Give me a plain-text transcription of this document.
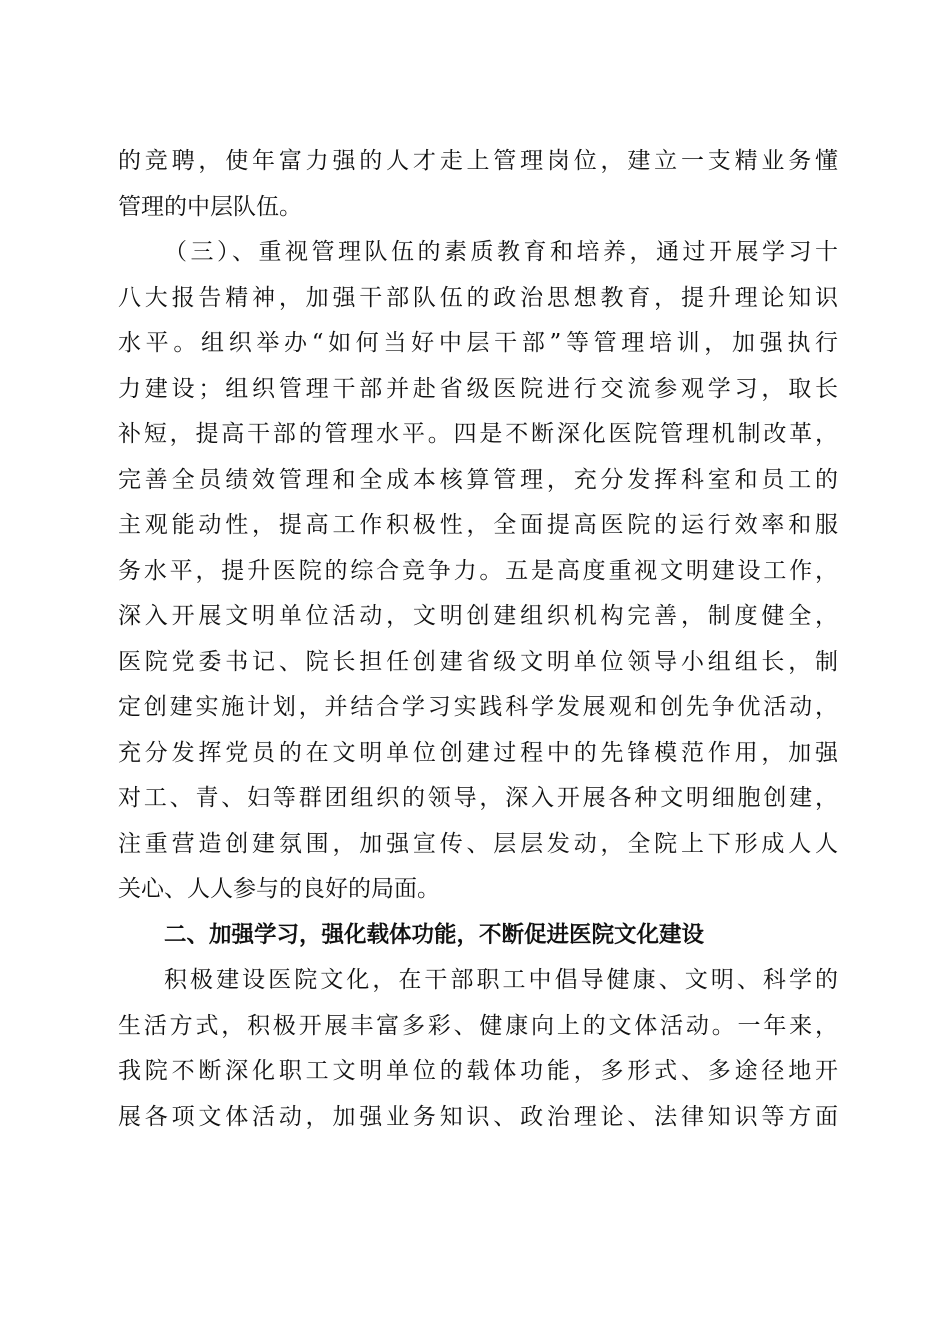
的竞聘，使年富力强的人才走上管理岗位，建立一支精业务懂
管理的中层队伍。
（三）、重视管理队伍的素质教育和培养，通过开展学习十
八大报告精神，加强干部队伍的政治思想教育，提升理论知识
水平。组织举办“如何当好中层干部”等管理培训，加强执行
力建设；组织管理干部并赴省级医院进行交流参观学习，取长
补短，提高干部的管理水平。四是不断深化医院管理机制改革，
完善全员绩效管理和全成本核算管理，充分发挥科室和员工的
主观能动性，提高工作积极性，全面提高医院的运行效率和服
务水平，提升医院的综合竞争力。五是高度重视文明建设工作，
深入开展文明单位活动，文明创建组织机构完善，制度健全，
医院党委书记、院长担任创建省级文明单位领导小组组长，制
定创建实施计划，并结合学习实践科学发展观和创先争优活动，
充分发挥党员的在文明单位创建过程中的先锋模范作用，加强
对工、青、妇等群团组织的领导，深入开展各种文明细胞创建，
注重营造创建氛围，加强宣传、层层发动，全院上下形成人人
关心、人人参与的良好的局面。
二、加强学习，强化载体功能，不断促进医院文化建设
积极建设医院文化，在干部职工中倡导健康、文明、科学的
生活方式，积极开展丰富多彩、健康向上的文体活动。一年来，
我院不断深化职工文明单位的载体功能，多形式、多途径地开
展各项文体活动，加强业务知识、政治理论、法律知识等方面
